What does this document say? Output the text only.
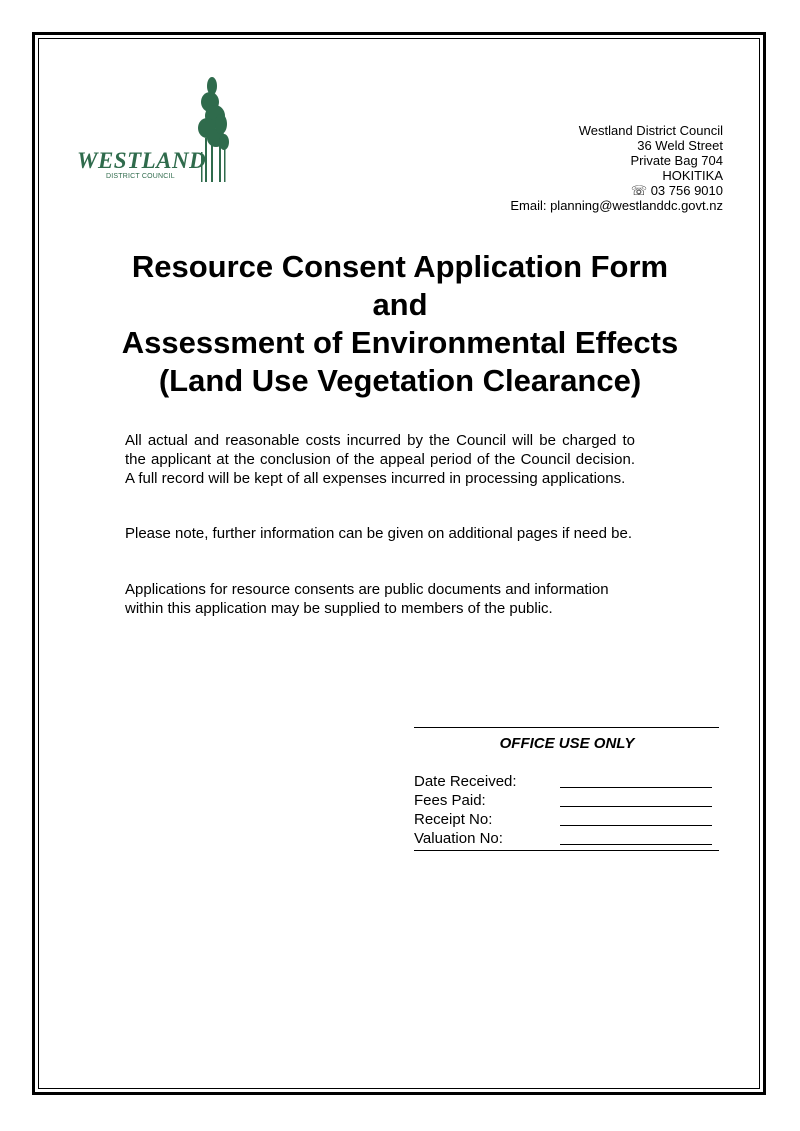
WESTLAND
DISTRICT COUNCIL
Westland District Council
36 Weld Street
Private Bag 704
HOKITIKA
☏ 03 756 9010
Email: planning@westlanddc.govt.nz
Resource Consent Application Form
and
Assessment of Environmental Effects
(Land Use Vegetation Clearance)
All actual and reasonable costs incurred by the Council will be charged to the applicant at the conclusion of the appeal period of the Council decision. A full record will be kept of all expenses incurred in processing applications.
Please note, further information can be given on additional pages if need be.
Applications for resource consents are public documents and information
within this application may be supplied to members of the public.
OFFICE USE ONLY
Date Received:
Fees Paid:
Receipt No:
Valuation No:
